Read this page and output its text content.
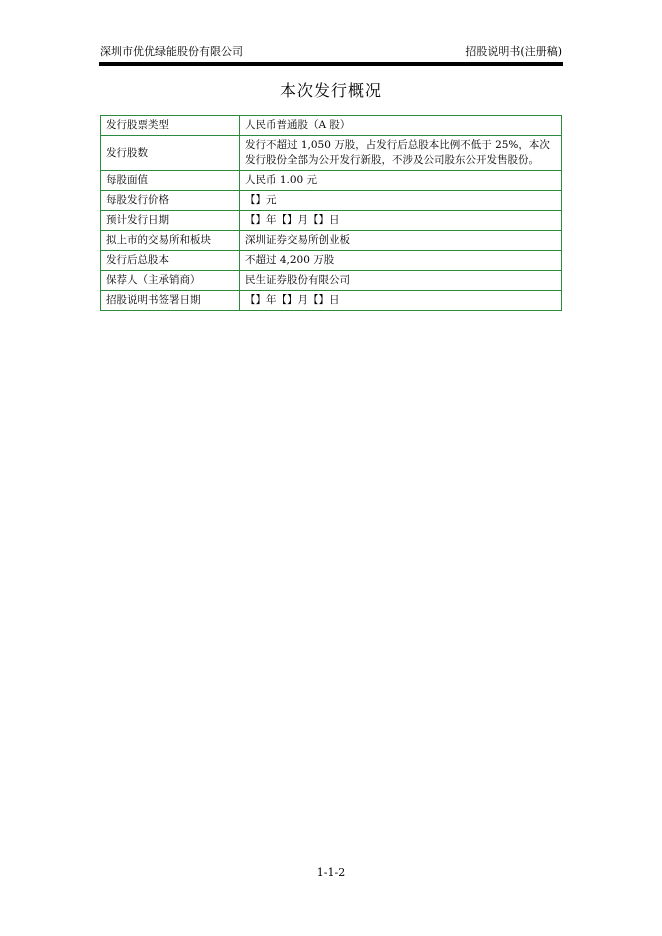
深圳市优优绿能股份有限公司	招股说明书(注册稿)
本次发行概况
发行股票类型	人民币普通股（A 股）
发行股数	发行不超过 1,050 万股，占发行后总股本比例不低于 25%，本次发行股份全部为公开发行新股，不涉及公司股东公开发售股份。
每股面值	人民币 1.00 元
每股发行价格	【】元
预计发行日期	【】年【】月【】日
拟上市的交易所和板块	深圳证券交易所创业板
发行后总股本	不超过 4,200 万股
保荐人（主承销商）	民生证券股份有限公司
招股说明书签署日期	【】年【】月【】日
1-1-2
